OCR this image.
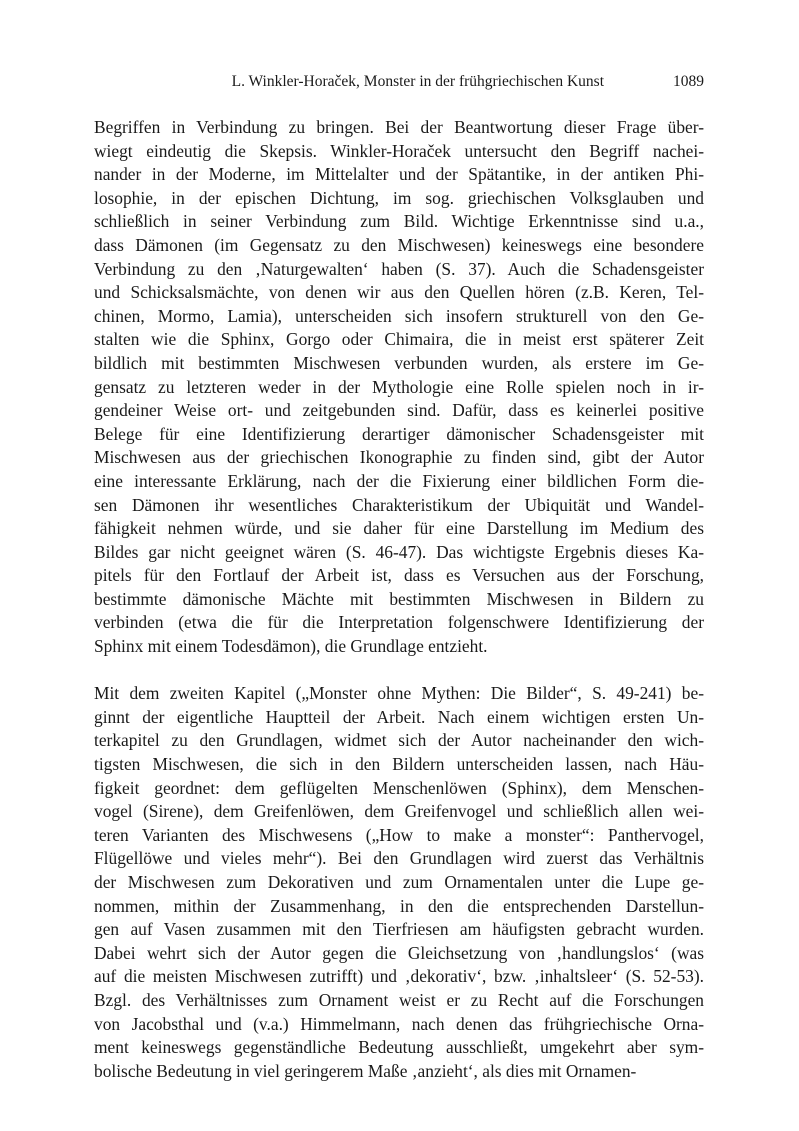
L. Winkler-Horaček, Monster in der frühgriechischen Kunst	1089
Begriffen in Verbindung zu bringen. Bei der Beantwortung dieser Frage über-
wiegt eindeutig die Skepsis. Winkler-Horaček untersucht den Begriff nachei-
nander in der Moderne, im Mittelalter und der Spätantike, in der antiken Phi-
losophie, in der epischen Dichtung, im sog. griechischen Volksglauben und
schließlich in seiner Verbindung zum Bild. Wichtige Erkenntnisse sind u.a.,
dass Dämonen (im Gegensatz zu den Mischwesen) keineswegs eine besondere
Verbindung zu den ‚Naturgewalten‘ haben (S. 37). Auch die Schadensgeister
und Schicksalsmächte, von denen wir aus den Quellen hören (z.B. Keren, Tel-
chinen, Mormo, Lamia), unterscheiden sich insofern strukturell von den Ge-
stalten wie die Sphinx, Gorgo oder Chimaira, die in meist erst späterer Zeit
bildlich mit bestimmten Mischwesen verbunden wurden, als erstere im Ge-
gensatz zu letzteren weder in der Mythologie eine Rolle spielen noch in ir-
gendeiner Weise ort- und zeitgebunden sind. Dafür, dass es keinerlei positive
Belege für eine Identifizierung derartiger dämonischer Schadensgeister mit
Mischwesen aus der griechischen Ikonographie zu finden sind, gibt der Autor
eine interessante Erklärung, nach der die Fixierung einer bildlichen Form die-
sen Dämonen ihr wesentliches Charakteristikum der Ubiquität und Wandel-
fähigkeit nehmen würde, und sie daher für eine Darstellung im Medium des
Bildes gar nicht geeignet wären (S. 46-47). Das wichtigste Ergebnis dieses Ka-
pitels für den Fortlauf der Arbeit ist, dass es Versuchen aus der Forschung,
bestimmte dämonische Mächte mit bestimmten Mischwesen in Bildern zu
verbinden (etwa die für die Interpretation folgenschwere Identifizierung der
Sphinx mit einem Todesdämon), die Grundlage entzieht.
Mit dem zweiten Kapitel („Monster ohne Mythen: Die Bilder“, S. 49-241) be-
ginnt der eigentliche Hauptteil der Arbeit. Nach einem wichtigen ersten Un-
terkapitel zu den Grundlagen, widmet sich der Autor nacheinander den wich-
tigsten Mischwesen, die sich in den Bildern unterscheiden lassen, nach Häu-
figkeit geordnet: dem geflügelten Menschenlöwen (Sphinx), dem Menschen-
vogel (Sirene), dem Greifenlöwen, dem Greifenvogel und schließlich allen wei-
teren Varianten des Mischwesens („How to make a monster“: Panthervogel,
Flügellöwe und vieles mehr“). Bei den Grundlagen wird zuerst das Verhältnis
der Mischwesen zum Dekorativen und zum Ornamentalen unter die Lupe ge-
nommen, mithin der Zusammenhang, in den die entsprechenden Darstellun-
gen auf Vasen zusammen mit den Tierfriesen am häufigsten gebracht wurden.
Dabei wehrt sich der Autor gegen die Gleichsetzung von ‚handlungslos‘ (was
auf die meisten Mischwesen zutrifft) und ‚dekorativ‘, bzw. ‚inhaltsleer‘ (S. 52-53).
Bzgl. des Verhältnisses zum Ornament weist er zu Recht auf die Forschungen
von Jacobsthal und (v.a.) Himmelmann, nach denen das frühgriechische Orna-
ment keineswegs gegenständliche Bedeutung ausschließt, umgekehrt aber sym-
bolische Bedeutung in viel geringerem Maße ‚anzieht‘, als dies mit Ornamen-
